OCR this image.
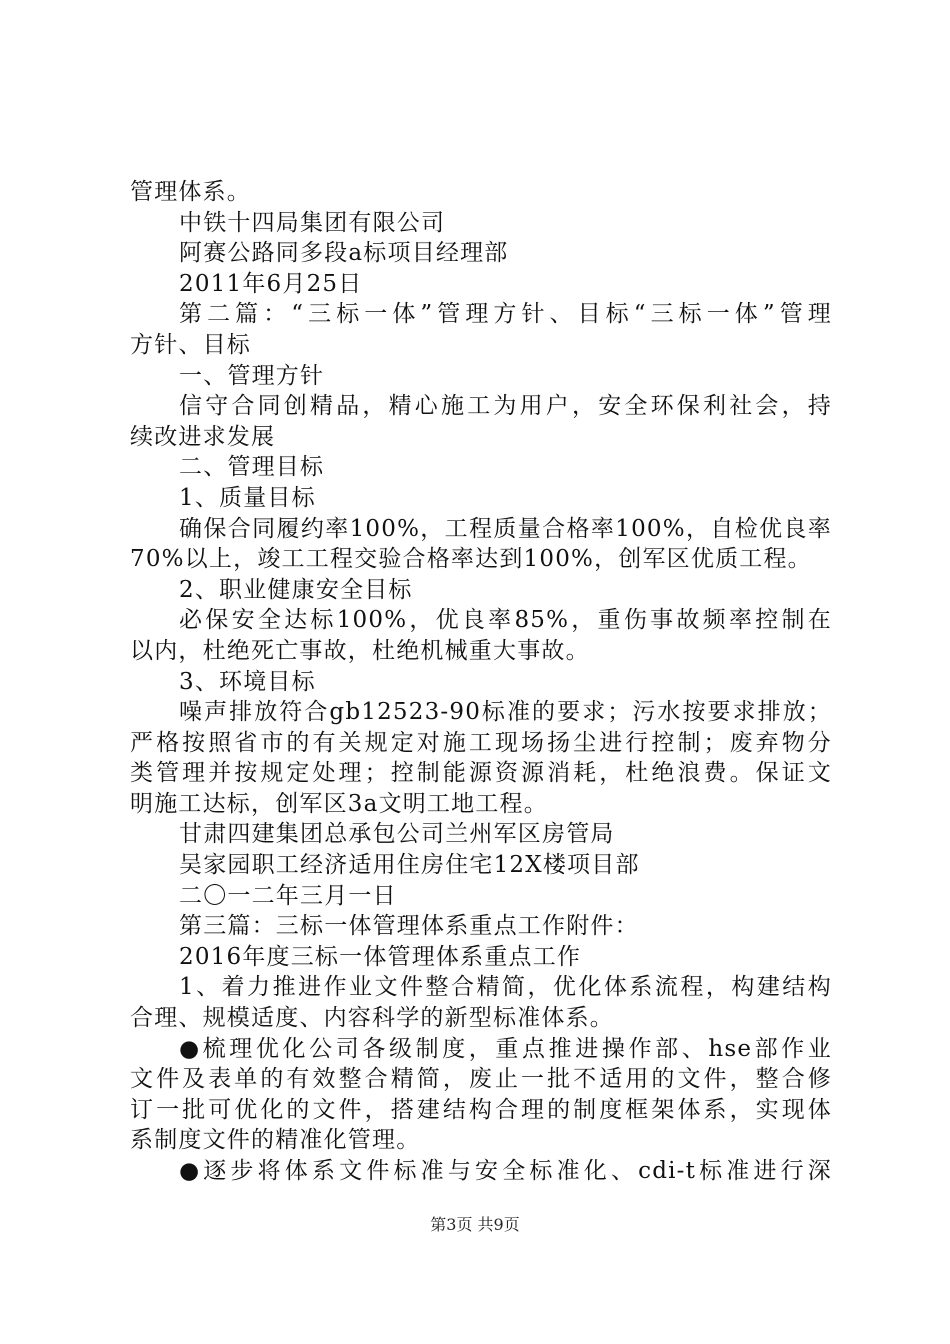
管理体系。
中铁十四局集团有限公司
阿赛公路同多段a标项目经理部
2011年6月25日
第二篇：“三标一体”管理方针、目标“三标一体”管理
方针、目标
一、管理方针
信守合同创精品，精心施工为用户，安全环保利社会，持
续改进求发展
二、管理目标
1、质量目标
确保合同履约率100%，工程质量合格率100%，自检优良率
70%以上，竣工工程交验合格率达到100%，创军区优质工程。
2、职业健康安全目标
必保安全达标100%，优良率85%，重伤事故频率控制在
以内，杜绝死亡事故，杜绝机械重大事故。
3、环境目标
噪声排放符合gb12523-90标准的要求；污水按要求排放；
严格按照省市的有关规定对施工现场扬尘进行控制；废弃物分
类管理并按规定处理；控制能源资源消耗，杜绝浪费。保证文
明施工达标，创军区3a文明工地工程。
甘肃四建集团总承包公司兰州军区房管局
吴家园职工经济适用住房住宅12X楼项目部
二〇一二年三月一日
第三篇：三标一体管理体系重点工作附件：
2016年度三标一体管理体系重点工作
1、着力推进作业文件整合精简，优化体系流程，构建结构
合理、规模适度、内容科学的新型标准体系。
●梳理优化公司各级制度，重点推进操作部、hse部作业
文件及表单的有效整合精简，废止一批不适用的文件，整合修
订一批可优化的文件，搭建结构合理的制度框架体系，实现体
系制度文件的精准化管理。
●逐步将体系文件标准与安全标准化、cdi-t标准进行深
第3页 共9页
